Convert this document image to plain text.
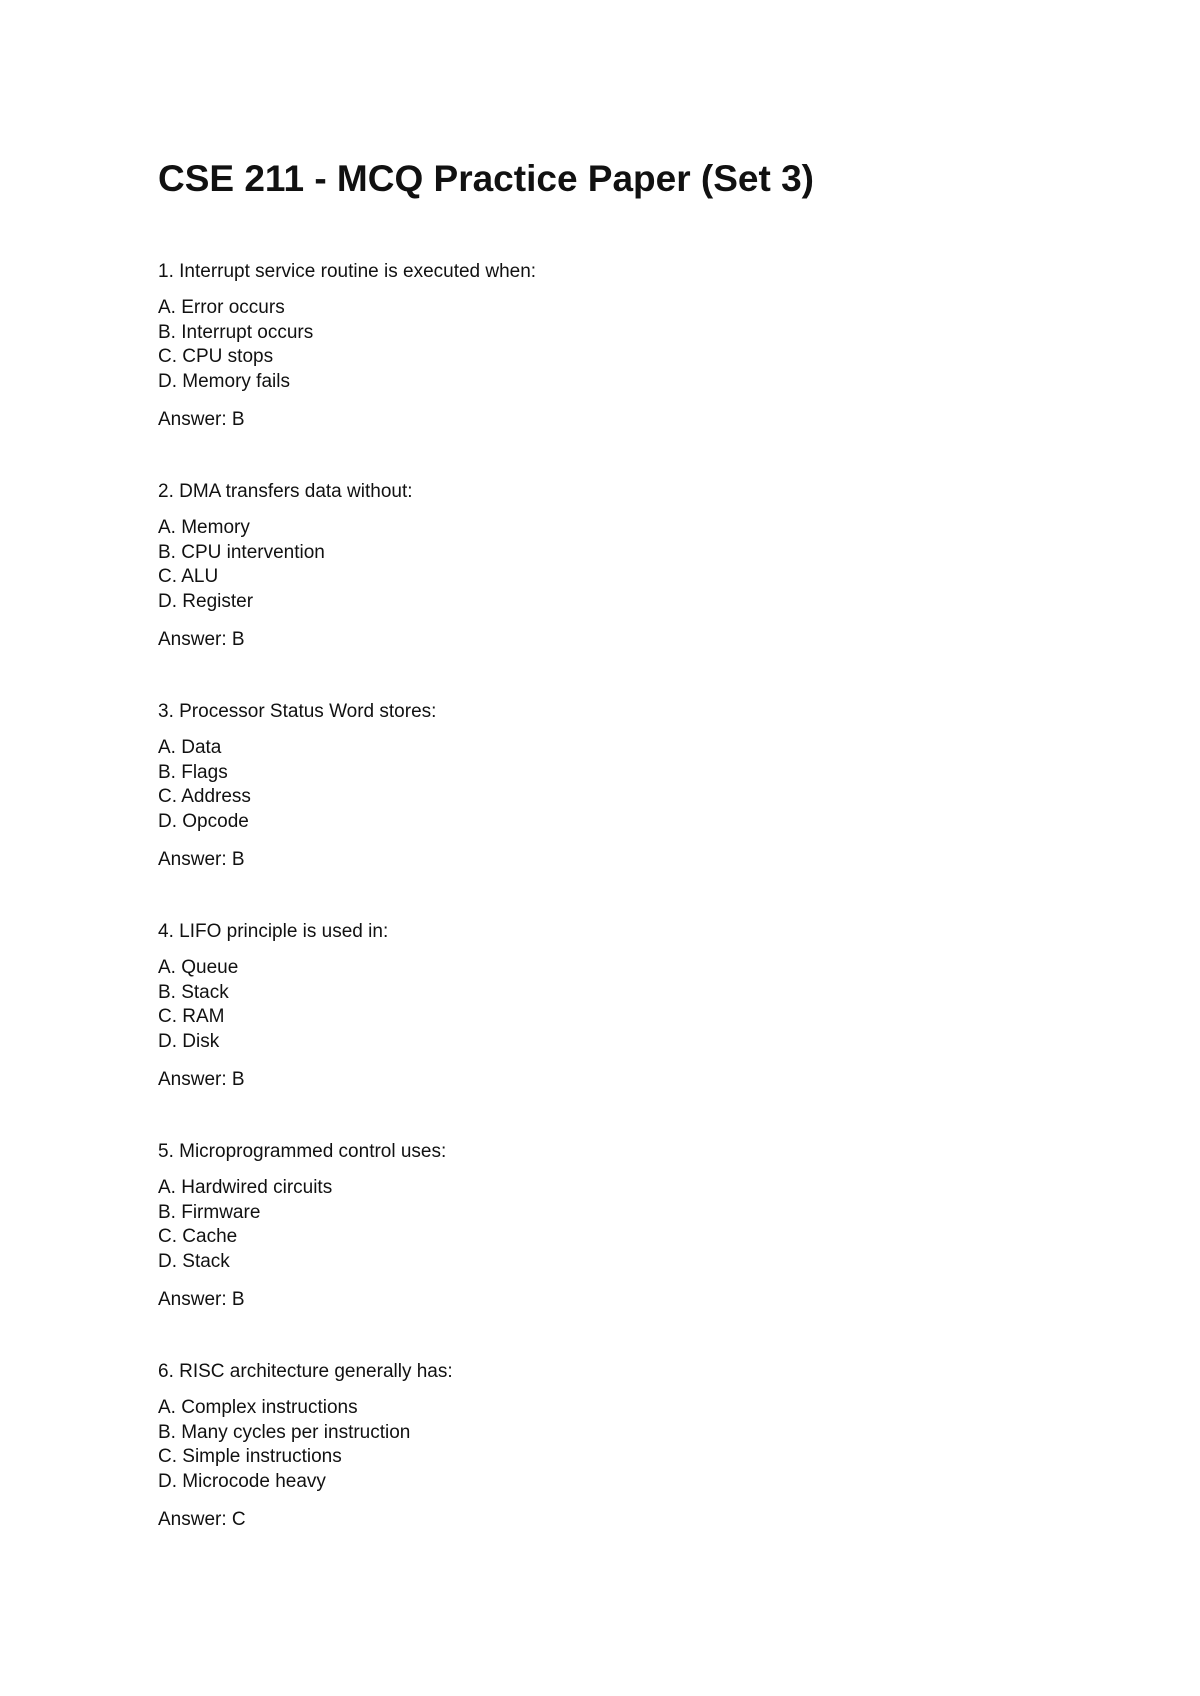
CSE 211 - MCQ Practice Paper (Set 3)
1. Interrupt service routine is executed when:
A. Error occurs
B. Interrupt occurs
C. CPU stops
D. Memory fails
Answer: B
2. DMA transfers data without:
A. Memory
B. CPU intervention
C. ALU
D. Register
Answer: B
3. Processor Status Word stores:
A. Data
B. Flags
C. Address
D. Opcode
Answer: B
4. LIFO principle is used in:
A. Queue
B. Stack
C. RAM
D. Disk
Answer: B
5. Microprogrammed control uses:
A. Hardwired circuits
B. Firmware
C. Cache
D. Stack
Answer: B
6. RISC architecture generally has:
A. Complex instructions
B. Many cycles per instruction
C. Simple instructions
D. Microcode heavy
Answer: C
